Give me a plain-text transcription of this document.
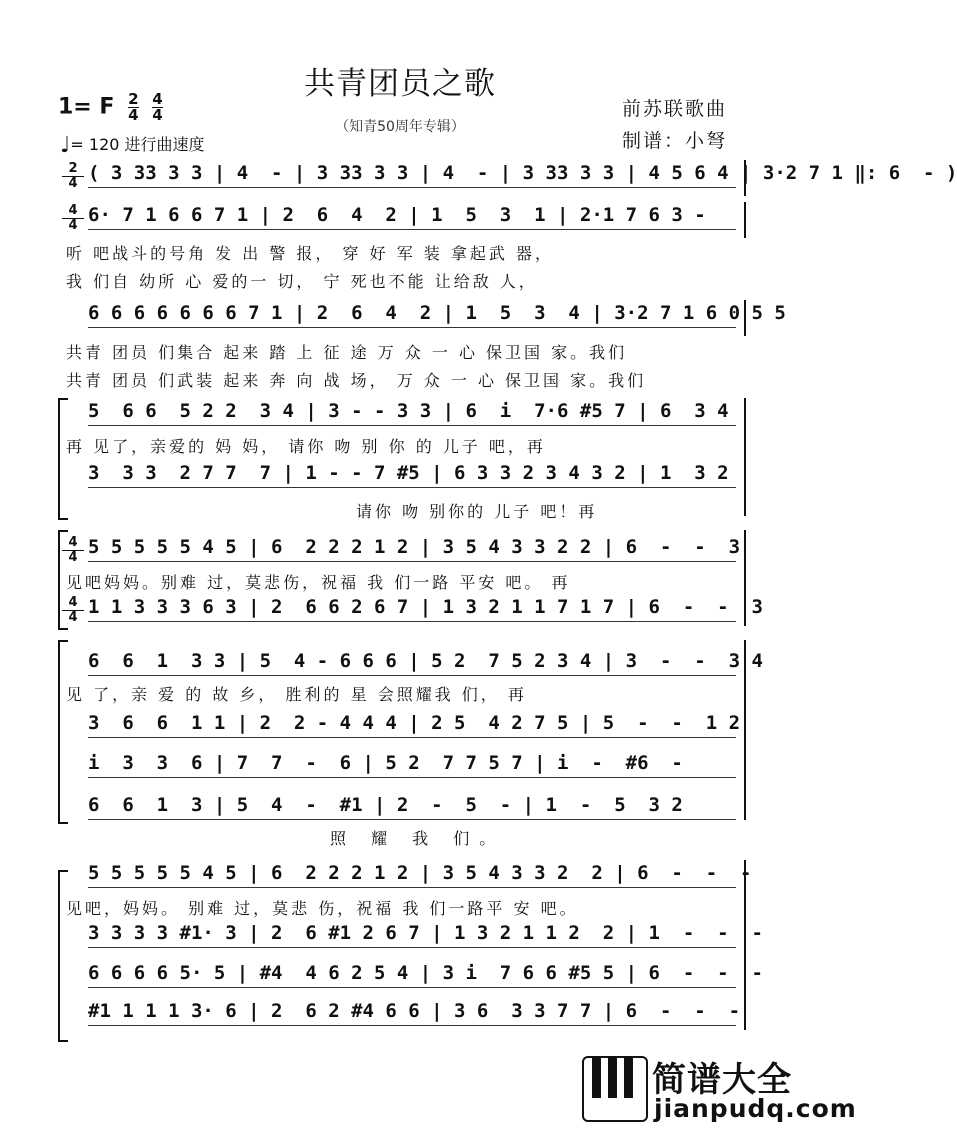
共青团员之歌
（知青50周年专辑）
1= F $\frac{2}{4}$
$\frac{4}{4}$
♩= 120 进行曲速度
前苏联歌曲
制谱：小弩
2
4 ( 3 33 3 3 | 4  - | 3 33 3 3 | 4  - | 3 33 3 3 | 4 5 6 4 | 3·2 7 1 ‖: 6  - )
4
4 6· 7 1 6 6 7 1 | 2  6  4  2 | 1  5  3  1 | 2·1 7 6 3 -
听 吧战斗的号角 发 出 警 报， 穿 好 军 装 拿起武 器，
我 们自 幼所 心 爱的一 切， 宁 死也不能 让给敌 人，
6 6 6 6 6 6 6 7 1 | 2  6  4  2 | 1  5  3  4 | 3·2 7 1 6 0 5 5
共青 团员 们集合 起来 踏 上 征 途 万 众 一 心 保卫国 家。我们
共青 团员 们武装 起来 奔 向 战 场， 万 众 一 心 保卫国 家。我们
5  6 6  5 2 2  3 4 | 3 - - 3 3 | 6  i  7·6 #5 7 | 6  3 4
再 见了，亲爱的 妈 妈， 请你 吻 别 你 的 儿子 吧，再
3  3 3  2 7 7  7 | 1 - - 7 #5 | 6 3 3 2 3 4 3 2 | 1  3 2
请你 吻 别你的 儿子 吧！再
4
4 5 5 5 5 5 4 5 | 6  2 2 2 1 2 | 3 5 4 3 3 2 2 | 6  -  -  3
见吧妈妈。别难 过，莫悲伤，祝福 我 们一路 平安 吧。 再
4
4 1 1 3 3 3 6 3 | 2  6 6 2 6 7 | 1 3 2 1 1 7 1 7 | 6  -  -  3
6  6  1  3 3 | 5  4 - 6 6 6 | 5 2  7 5 2 3 4 | 3  -  -  3 4
见 了，亲 爱 的 故 乡， 胜利的 星 会照耀我 们， 再
3  6  6  1 1 | 2  2 - 4 4 4 | 2 5  4 2 7 5 | 5  -  -  1 2
i  3  3  6 | 7  7  -  6 | 5 2  7 7 5 7 | i  -  #6  -
6  6  1  3 | 5  4  -  #1 | 2  -  5  - | 1  -  5  3 2
照 耀 我 们。
5 5 5 5 5 4 5 | 6  2 2 2 1 2 | 3 5 4 3 3 2  2 | 6  -  -  -
见吧，妈妈。 别难 过，莫悲 伤，祝福 我 们一路平 安 吧。
3 3 3 3 #1· 3 | 2  6 #1 2 6 7 | 1 3 2 1 1 2  2 | 1  -  -  -
6 6 6 6 5· 5 | #4  4 6 2 5 4 | 3 i  7 6 6 #5 5 | 6  -  -  -
#1 1 1 1 3· 6 | 2  6 2 #4 6 6 | 3 6  3 3 7 7 | 6  -  -  -
简谱大全
jianpudq.com
